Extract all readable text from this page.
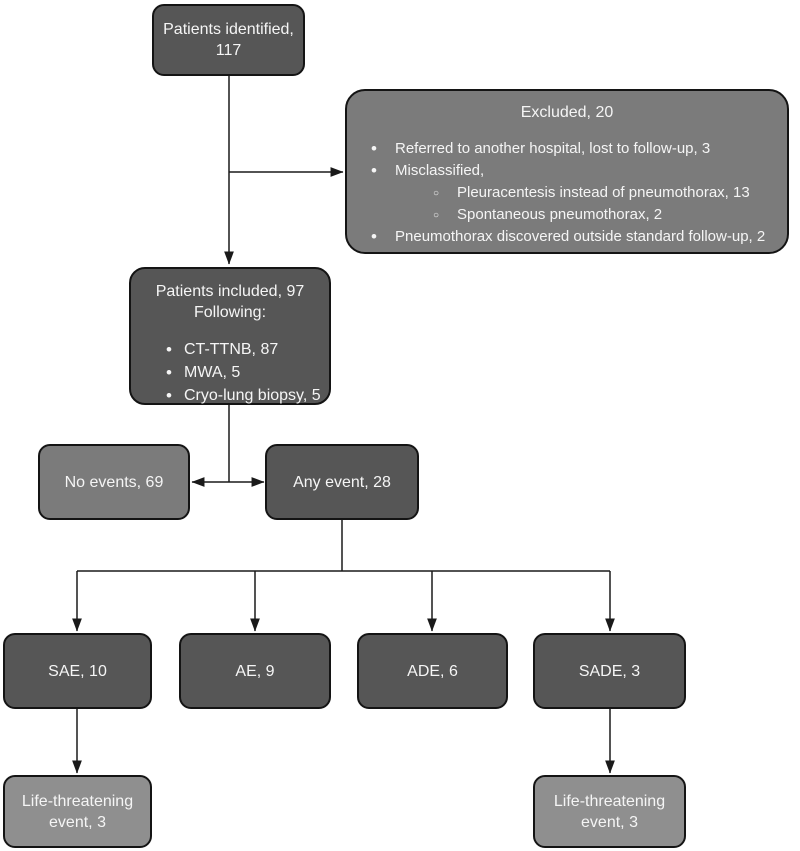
Patients identified,
117
Excluded, 20
• Referred to another hospital, lost to follow-up, 3
• Misclassified,
○ Pleuracentesis instead of pneumothorax, 13
○ Spontaneous pneumothorax, 2
• Pneumothorax discovered outside standard follow-up, 2
Patients included, 97
Following:
• CT-TTNB, 87
• MWA, 5
• Cryo-lung biopsy, 5
No events, 69	Any event, 28
SAE, 10	AE, 9	ADE, 6	SADE, 3
Life-threatening
event, 3
Life-threatening
event, 3
